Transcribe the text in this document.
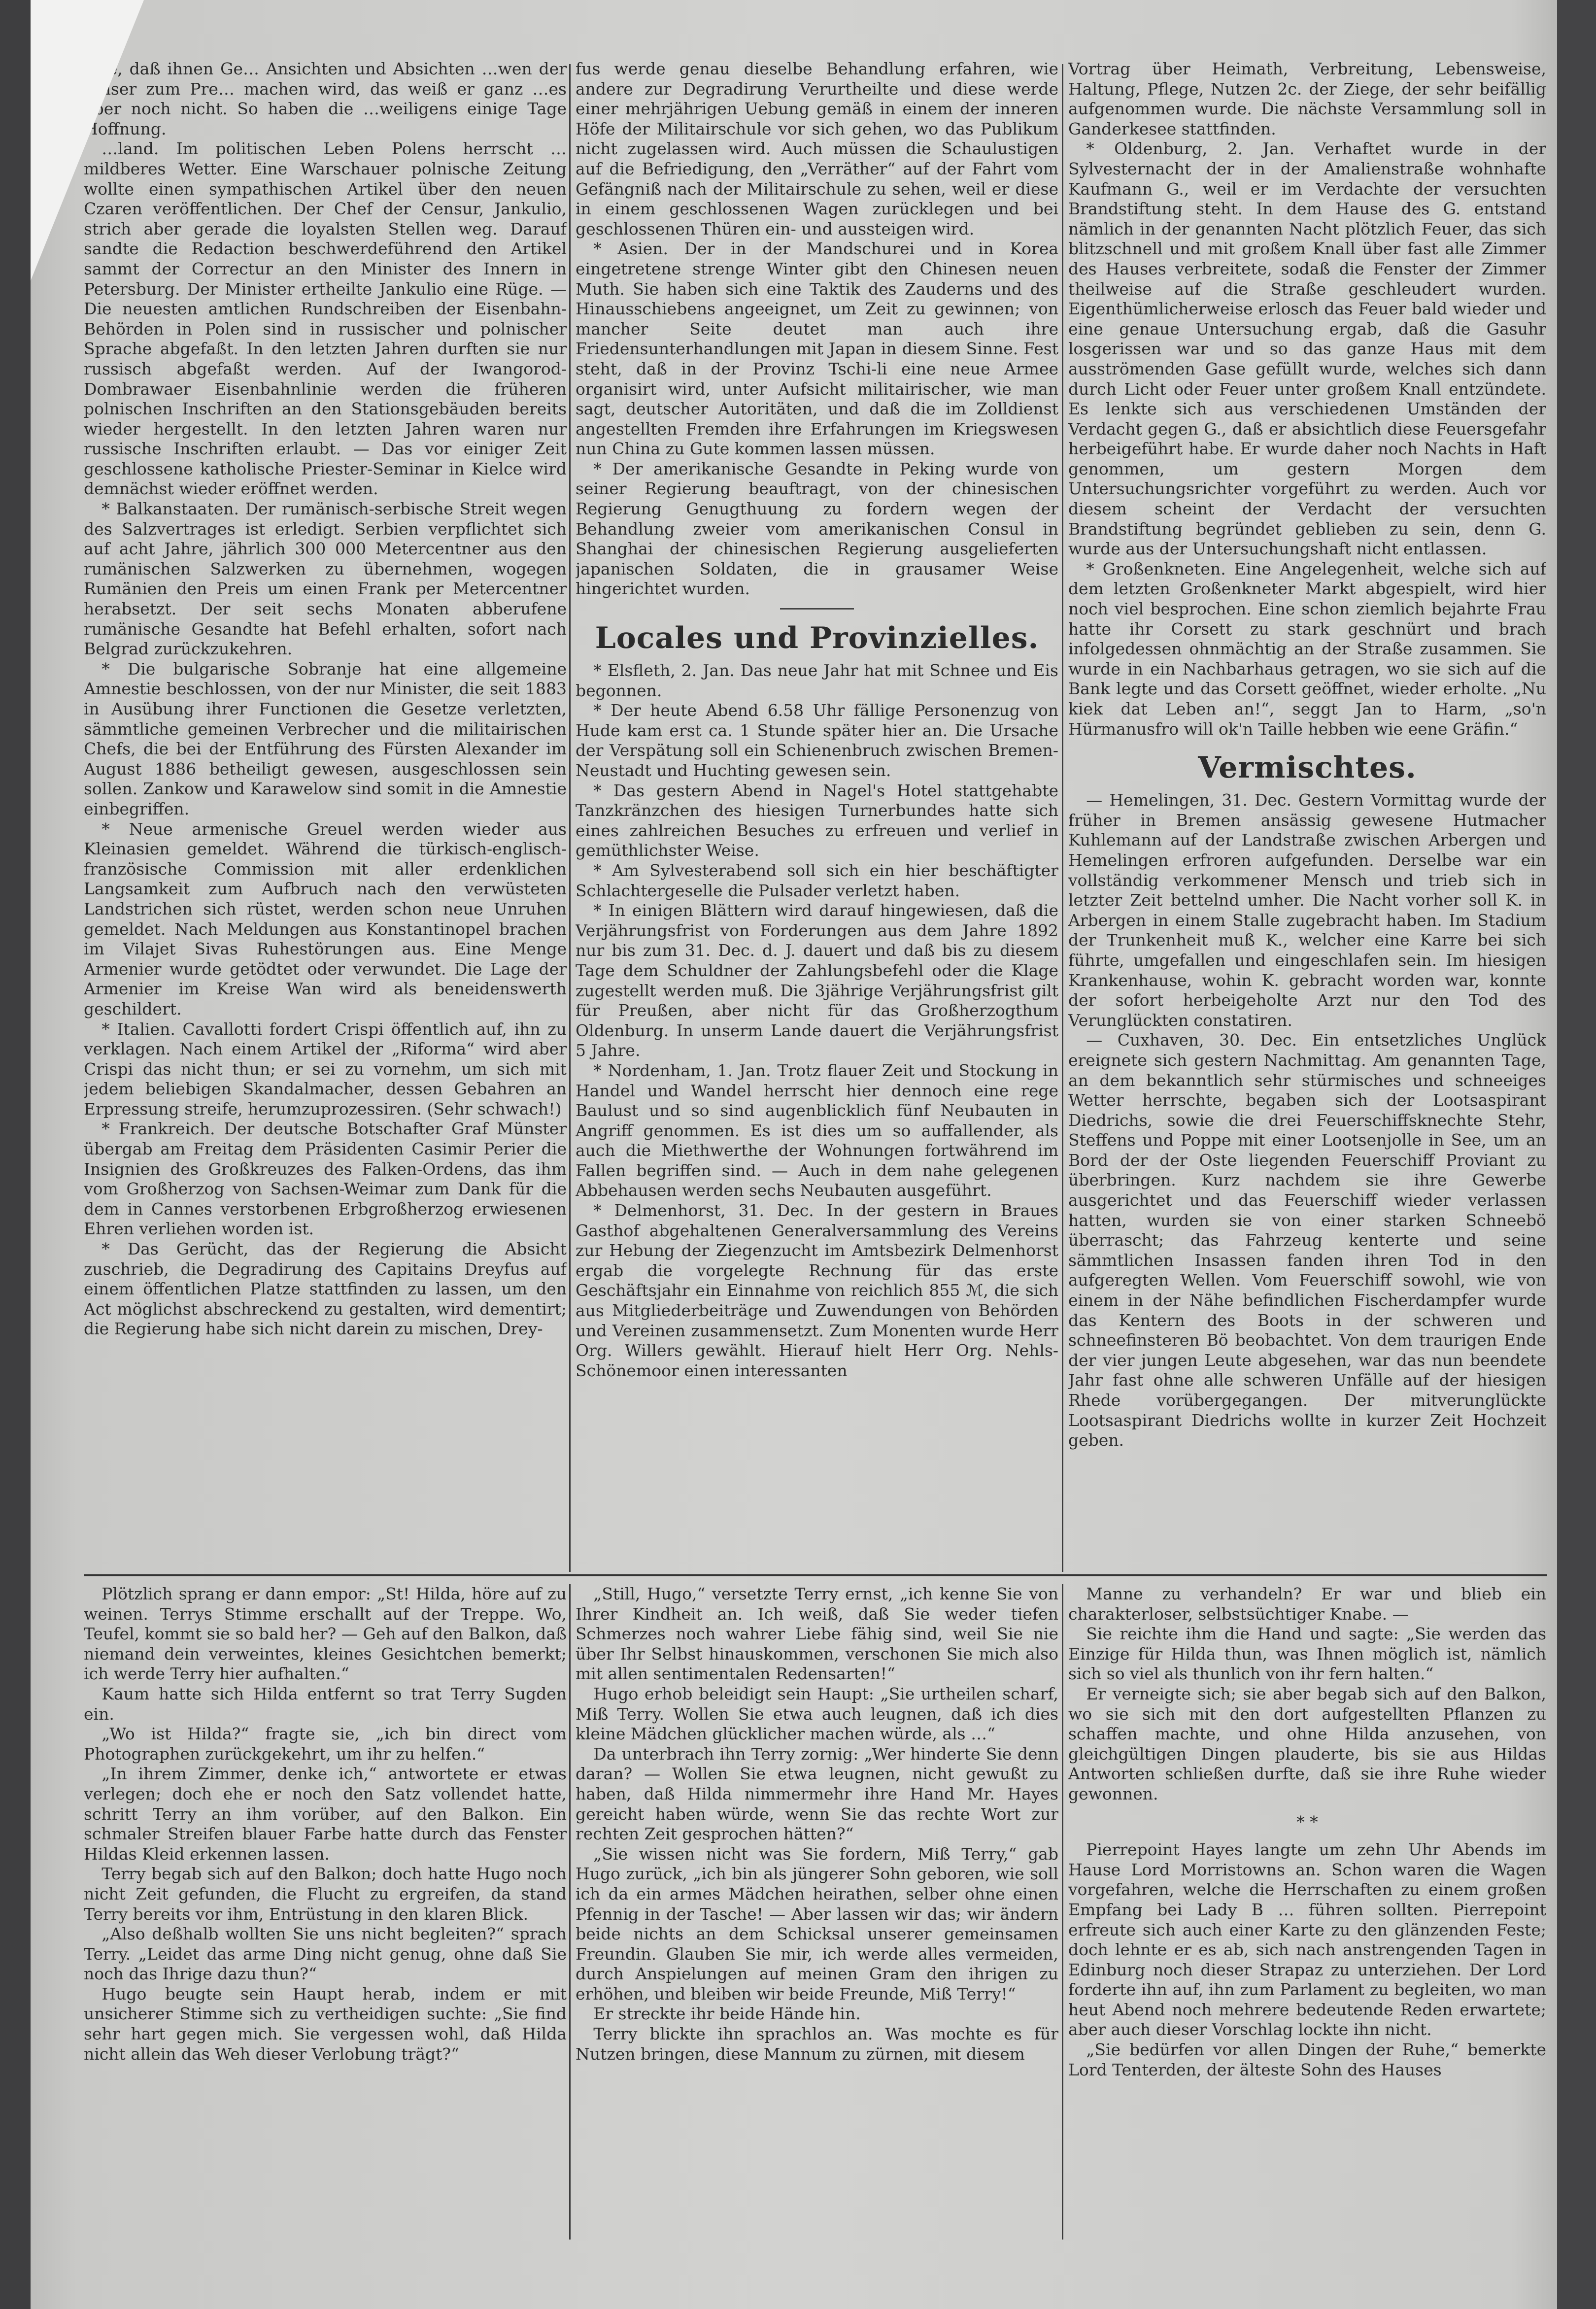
…re, daß ihnen Ge… Ansichten und Absichten …wen der Kaiser zum Pre… machen wird, das weiß er ganz …es aber noch nicht. So haben die …weiligens einige Tage Hoffnung.

…land. Im politischen Leben Polens herrscht …mildberes Wetter. Eine Warschauer polnische Zeitung wollte einen sympathischen Artikel über den neuen Czaren veröffentlichen. Der Chef der Censur, Jankulio, strich aber gerade die loyalsten Stellen weg. Darauf sandte die Redaction beschwerdeführend den Artikel sammt der Correctur an den Minister des Innern in Petersburg. Der Minister ertheilte Jankulio eine Rüge. — Die neuesten amtlichen Rundschreiben der Eisenbahn-Behörden in Polen sind in russischer und polnischer Sprache abgefaßt. In den letzten Jahren durften sie nur russisch abgefaßt werden. Auf der Iwangorod-Dombrawaer Eisenbahnlinie werden die früheren polnischen Inschriften an den Stationsgebäuden bereits wieder hergestellt. In den letzten Jahren waren nur russische Inschriften erlaubt. — Das vor einiger Zeit geschlossene katholische Priester-Seminar in Kielce wird demnächst wieder eröffnet werden.

* Balkanstaaten. Der rumänisch-serbische Streit wegen des Salzvertrages ist erledigt. Serbien verpflichtet sich auf acht Jahre, jährlich 300 000 Metercentner aus den rumänischen Salzwerken zu übernehmen, wogegen Rumänien den Preis um einen Frank per Metercentner herabsetzt. Der seit sechs Monaten abberufene rumänische Gesandte hat Befehl erhalten, sofort nach Belgrad zurückzukehren.

* Die bulgarische Sobranje hat eine allgemeine Amnestie beschlossen, von der nur Minister, die seit 1883 in Ausübung ihrer Functionen die Gesetze verletzten, sämmtliche gemeinen Verbrecher und die militairischen Chefs, die bei der Entführung des Fürsten Alexander im August 1886 betheiligt gewesen, ausgeschlossen sein sollen. Zankow und Karawelow sind somit in die Amnestie einbegriffen.

* Neue armenische Greuel werden wieder aus Kleinasien gemeldet. Während die türkisch-englisch-französische Commission mit aller erdenklichen Langsamkeit zum Aufbruch nach den verwüsteten Landstrichen sich rüstet, werden schon neue Unruhen gemeldet. Nach Meldungen aus Konstantinopel brachen im Vilajet Sivas Ruhestörungen aus. Eine Menge Armenier wurde getödtet oder verwundet. Die Lage der Armenier im Kreise Wan wird als beneidenswerth geschildert.

* Italien. Cavallotti fordert Crispi öffentlich auf, ihn zu verklagen. Nach einem Artikel der „Riforma“ wird aber Crispi das nicht thun; er sei zu vornehm, um sich mit jedem beliebigen Skandalmacher, dessen Gebahren an Erpressung streife, herumzuprozessiren. (Sehr schwach!)

* Frankreich. Der deutsche Botschafter Graf Münster übergab am Freitag dem Präsidenten Casimir Perier die Insignien des Großkreuzes des Falken-Ordens, das ihm vom Großherzog von Sachsen-Weimar zum Dank für die dem in Cannes verstorbenen Erbgroßherzog erwiesenen Ehren verliehen worden ist.

* Das Gerücht, das der Regierung die Absicht zuschrieb, die Degradirung des Capitains Dreyfus auf einem öffentlichen Platze stattfinden zu lassen, um den Act möglichst abschreckend zu gestalten, wird dementirt; die Regierung habe sich nicht darein zu mischen, Drey-

fus werde genau dieselbe Behandlung erfahren, wie andere zur Degradirung Verurtheilte und diese werde einer mehrjährigen Uebung gemäß in einem der inneren Höfe der Militairschule vor sich gehen, wo das Publikum nicht zugelassen wird. Auch müssen die Schaulustigen auf die Befriedigung, den „Verräther“ auf der Fahrt vom Gefängniß nach der Militairschule zu sehen, weil er diese in einem geschlossenen Wagen zurücklegen und bei geschlossenen Thüren ein- und aussteigen wird.

* Asien. Der in der Mandschurei und in Korea eingetretene strenge Winter gibt den Chinesen neuen Muth. Sie haben sich eine Taktik des Zauderns und des Hinausschiebens angeeignet, um Zeit zu gewinnen; von mancher Seite deutet man auch ihre Friedensunterhandlungen mit Japan in diesem Sinne. Fest steht, daß in der Provinz Tschi-li eine neue Armee organisirt wird, unter Aufsicht militairischer, wie man sagt, deutscher Autoritäten, und daß die im Zolldienst angestellten Fremden ihre Erfahrungen im Kriegswesen nun China zu Gute kommen lassen müssen.

* Der amerikanische Gesandte in Peking wurde von seiner Regierung beauftragt, von der chinesischen Regierung Genugthuung zu fordern wegen der Behandlung zweier vom amerikanischen Consul in Shanghai der chinesischen Regierung ausgelieferten japanischen Soldaten, die in grausamer Weise hingerichtet wurden.

Locales und Provinzielles.

* Elsfleth, 2. Jan. Das neue Jahr hat mit Schnee und Eis begonnen.

* Der heute Abend 6.58 Uhr fällige Personenzug von Hude kam erst ca. 1 Stunde später hier an. Die Ursache der Verspätung soll ein Schienenbruch zwischen Bremen-Neustadt und Huchting gewesen sein.

* Das gestern Abend in Nagel's Hotel stattgehabte Tanzkränzchen des hiesigen Turnerbundes hatte sich eines zahlreichen Besuches zu erfreuen und verlief in gemüthlichster Weise.

* Am Sylvesterabend soll sich ein hier beschäftigter Schlachtergeselle die Pulsader verletzt haben.

* In einigen Blättern wird darauf hingewiesen, daß die Verjährungsfrist von Forderungen aus dem Jahre 1892 nur bis zum 31. Dec. d. J. dauert und daß bis zu diesem Tage dem Schuldner der Zahlungsbefehl oder die Klage zugestellt werden muß. Die 3jährige Verjährungsfrist gilt für Preußen, aber nicht für das Großherzogthum Oldenburg. In unserm Lande dauert die Verjährungsfrist 5 Jahre.

* Nordenham, 1. Jan. Trotz flauer Zeit und Stockung in Handel und Wandel herrscht hier dennoch eine rege Baulust und so sind augenblicklich fünf Neubauten in Angriff genommen. Es ist dies um so auffallender, als auch die Miethwerthe der Wohnungen fortwährend im Fallen begriffen sind. — Auch in dem nahe gelegenen Abbehausen werden sechs Neubauten ausgeführt.

* Delmenhorst, 31. Dec. In der gestern in Braues Gasthof abgehaltenen Generalversammlung des Vereins zur Hebung der Ziegenzucht im Amtsbezirk Delmenhorst ergab die vorgelegte Rechnung für das erste Geschäftsjahr ein Einnahme von reichlich 855 ℳ, die sich aus Mitgliederbeiträge und Zuwendungen von Behörden und Vereinen zusammensetzt. Zum Monenten wurde Herr Org. Willers gewählt. Hierauf hielt Herr Org. Nehls-Schönemoor einen interessanten

Vortrag über Heimath, Verbreitung, Lebensweise, Haltung, Pflege, Nutzen 2c. der Ziege, der sehr beifällig aufgenommen wurde. Die nächste Versammlung soll in Ganderkesee stattfinden.

* Oldenburg, 2. Jan. Verhaftet wurde in der Sylvesternacht der in der Amalienstraße wohnhafte Kaufmann G., weil er im Verdachte der versuchten Brandstiftung steht. In dem Hause des G. entstand nämlich in der genannten Nacht plötzlich Feuer, das sich blitzschnell und mit großem Knall über fast alle Zimmer des Hauses verbreitete, sodaß die Fenster der Zimmer theilweise auf die Straße geschleudert wurden. Eigenthümlicherweise erlosch das Feuer bald wieder und eine genaue Untersuchung ergab, daß die Gasuhr losgerissen war und so das ganze Haus mit dem ausströmenden Gase gefüllt wurde, welches sich dann durch Licht oder Feuer unter großem Knall entzündete. Es lenkte sich aus verschiedenen Umständen der Verdacht gegen G., daß er absichtlich diese Feuersgefahr herbeigeführt habe. Er wurde daher noch Nachts in Haft genommen, um gestern Morgen dem Untersuchungsrichter vorgeführt zu werden. Auch vor diesem scheint der Verdacht der versuchten Brandstiftung begründet geblieben zu sein, denn G. wurde aus der Untersuchungshaft nicht entlassen.

* Großenkneten. Eine Angelegenheit, welche sich auf dem letzten Großenkneter Markt abgespielt, wird hier noch viel besprochen. Eine schon ziemlich bejahrte Frau hatte ihr Corsett zu stark geschnürt und brach infolgedessen ohnmächtig an der Straße zusammen. Sie wurde in ein Nachbarhaus getragen, wo sie sich auf die Bank legte und das Corsett geöffnet, wieder erholte. „Nu kiek dat Leben an!“, seggt Jan to Harm, „so'n Hürmanusfro will ok'n Taille hebben wie eene Gräfin.“

Vermischtes.

— Hemelingen, 31. Dec. Gestern Vormittag wurde der früher in Bremen ansässig gewesene Hutmacher Kuhlemann auf der Landstraße zwischen Arbergen und Hemelingen erfroren aufgefunden. Derselbe war ein vollständig verkommener Mensch und trieb sich in letzter Zeit bettelnd umher. Die Nacht vorher soll K. in Arbergen in einem Stalle zugebracht haben. Im Stadium der Trunkenheit muß K., welcher eine Karre bei sich führte, umgefallen und eingeschlafen sein. Im hiesigen Krankenhause, wohin K. gebracht worden war, konnte der sofort herbeigeholte Arzt nur den Tod des Verunglückten constatiren.

— Cuxhaven, 30. Dec. Ein entsetzliches Unglück ereignete sich gestern Nachmittag. Am genannten Tage, an dem bekanntlich sehr stürmisches und schneeiges Wetter herrschte, begaben sich der Lootsaspirant Diedrichs, sowie die drei Feuerschiffsknechte Stehr, Steffens und Poppe mit einer Lootsenjolle in See, um an Bord der der Oste liegenden Feuerschiff Proviant zu überbringen. Kurz nachdem sie ihre Gewerbe ausgerichtet und das Feuerschiff wieder verlassen hatten, wurden sie von einer starken Schneebö überrascht; das Fahrzeug kenterte und seine sämmtlichen Insassen fanden ihren Tod in den aufgeregten Wellen. Vom Feuerschiff sowohl, wie von einem in der Nähe befindlichen Fischerdampfer wurde das Kentern des Boots in der schweren und schneefinsteren Bö beobachtet. Von dem traurigen Ende der vier jungen Leute abgesehen, war das nun beendete Jahr fast ohne alle schweren Unfälle auf der hiesigen Rhede vorübergegangen. Der mitverunglückte Lootsaspirant Diedrichs wollte in kurzer Zeit Hochzeit geben.

Plötzlich sprang er dann empor: „St! Hilda, höre auf zu weinen. Terrys Stimme erschallt auf der Treppe. Wo, Teufel, kommt sie so bald her? — Geh auf den Balkon, daß niemand dein verweintes, kleines Gesichtchen bemerkt; ich werde Terry hier aufhalten.“

Kaum hatte sich Hilda entfernt so trat Terry Sugden ein.

„Wo ist Hilda?“ fragte sie, „ich bin direct vom Photographen zurückgekehrt, um ihr zu helfen.“

„In ihrem Zimmer, denke ich,“ antwortete er etwas verlegen; doch ehe er noch den Satz vollendet hatte, schritt Terry an ihm vorüber, auf den Balkon. Ein schmaler Streifen blauer Farbe hatte durch das Fenster Hildas Kleid erkennen lassen.

Terry begab sich auf den Balkon; doch hatte Hugo noch nicht Zeit gefunden, die Flucht zu ergreifen, da stand Terry bereits vor ihm, Entrüstung in den klaren Blick.

„Also deßhalb wollten Sie uns nicht begleiten?“ sprach Terry. „Leidet das arme Ding nicht genug, ohne daß Sie noch das Ihrige dazu thun?“

Hugo beugte sein Haupt herab, indem er mit unsicherer Stimme sich zu vertheidigen suchte: „Sie find sehr hart gegen mich. Sie vergessen wohl, daß Hilda nicht allein das Weh dieser Verlobung trägt?“

„Still, Hugo,“ versetzte Terry ernst, „ich kenne Sie von Ihrer Kindheit an. Ich weiß, daß Sie weder tiefen Schmerzes noch wahrer Liebe fähig sind, weil Sie nie über Ihr Selbst hinauskommen, verschonen Sie mich also mit allen sentimentalen Redensarten!“

Hugo erhob beleidigt sein Haupt: „Sie urtheilen scharf, Miß Terry. Wollen Sie etwa auch leugnen, daß ich dies kleine Mädchen glücklicher machen würde, als …“

Da unterbrach ihn Terry zornig: „Wer hinderte Sie denn daran? — Wollen Sie etwa leugnen, nicht gewußt zu haben, daß Hilda nimmermehr ihre Hand Mr. Hayes gereicht haben würde, wenn Sie das rechte Wort zur rechten Zeit gesprochen hätten?“

„Sie wissen nicht was Sie fordern, Miß Terry,“ gab Hugo zurück, „ich bin als jüngerer Sohn geboren, wie soll ich da ein armes Mädchen heirathen, selber ohne einen Pfennig in der Tasche! — Aber lassen wir das; wir ändern beide nichts an dem Schicksal unserer gemeinsamen Freundin. Glauben Sie mir, ich werde alles vermeiden, durch Anspielungen auf meinen Gram den ihrigen zu erhöhen, und bleiben wir beide Freunde, Miß Terry!“

Er streckte ihr beide Hände hin.

Terry blickte ihn sprachlos an. Was mochte es für Nutzen bringen, diese Mannum zu zürnen, mit diesem

Manne zu verhandeln? Er war und blieb ein charakterloser, selbstsüchtiger Knabe. —

Sie reichte ihm die Hand und sagte: „Sie werden das Einzige für Hilda thun, was Ihnen möglich ist, nämlich sich so viel als thunlich von ihr fern halten.“

Er verneigte sich; sie aber begab sich auf den Balkon, wo sie sich mit den dort aufgestellten Pflanzen zu schaffen machte, und ohne Hilda anzusehen, von gleichgültigen Dingen plauderte, bis sie aus Hildas Antworten schließen durfte, daß sie ihre Ruhe wieder gewonnen.

* *

Pierrepoint Hayes langte um zehn Uhr Abends im Hause Lord Morristowns an. Schon waren die Wagen vorgefahren, welche die Herrschaften zu einem großen Empfang bei Lady B … führen sollten. Pierrepoint erfreute sich auch einer Karte zu den glänzenden Feste; doch lehnte er es ab, sich nach anstrengenden Tagen in Edinburg noch dieser Strapaz zu unterziehen. Der Lord forderte ihn auf, ihn zum Parlament zu begleiten, wo man heut Abend noch mehrere bedeutende Reden erwartete; aber auch dieser Vorschlag lockte ihn nicht.

„Sie bedürfen vor allen Dingen der Ruhe,“ bemerkte Lord Tenterden, der älteste Sohn des Hauses
